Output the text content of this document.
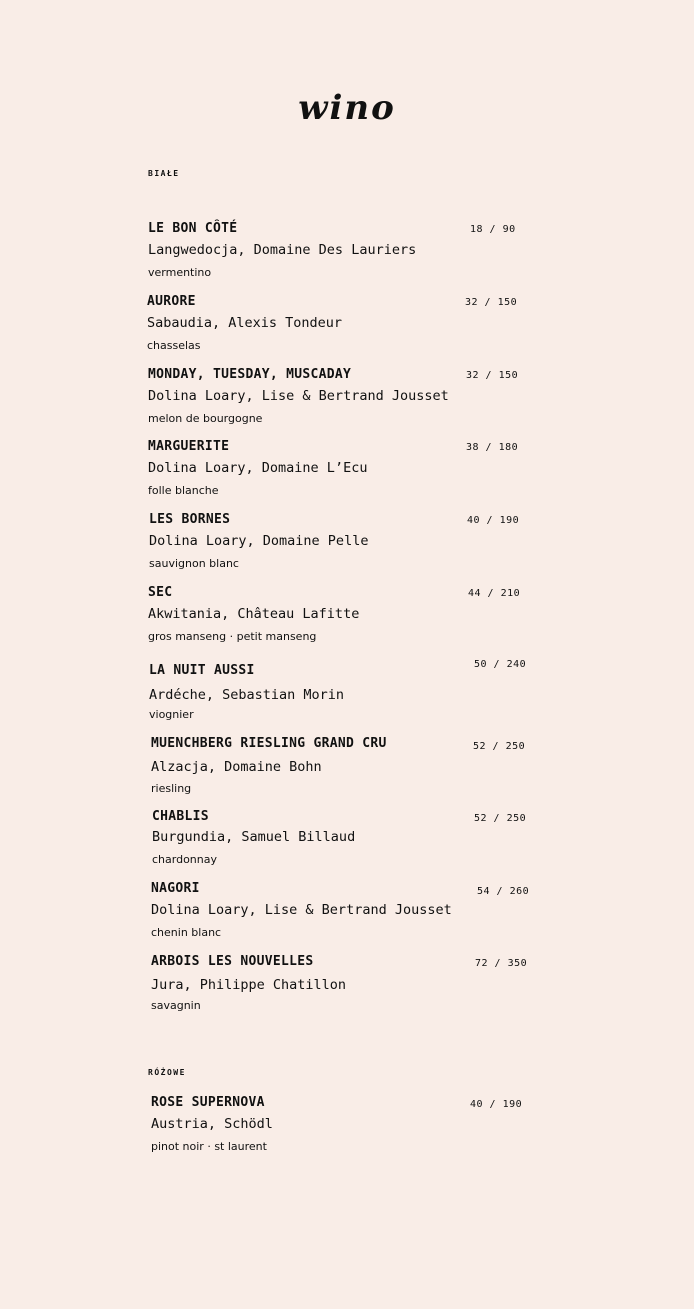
wino
BIAŁE
LE BON CÔTÉ
Langwedocja, Domaine Des Lauriers
vermentino
18 / 90
AURORE
Sabaudia, Alexis Tondeur
chasselas
32 / 150
MONDAY, TUESDAY, MUSCADAY
Dolina Loary, Lise & Bertrand Jousset
melon de bourgogne
32 / 150
MARGUERITE
Dolina Loary, Domaine L’Ecu
folle blanche
38 / 180
LES BORNES
Dolina Loary, Domaine Pelle
sauvignon blanc
40 / 190
SEC
Akwitania, Château Lafitte
gros manseng · petit manseng
44 / 210
LA NUIT AUSSI
Ardéche, Sebastian Morin
viognier
50 / 240
MUENCHBERG RIESLING GRAND CRU
Alzacja, Domaine Bohn
riesling
52 / 250
CHABLIS
Burgundia, Samuel Billaud
chardonnay
52 / 250
NAGORI
Dolina Loary, Lise & Bertrand Jousset
chenin blanc
54 / 260
ARBOIS LES NOUVELLES
Jura, Philippe Chatillon
savagnin
72 / 350
RÓŻOWE
ROSE SUPERNOVA
Austria, Schödl
pinot noir · st laurent
40 / 190
